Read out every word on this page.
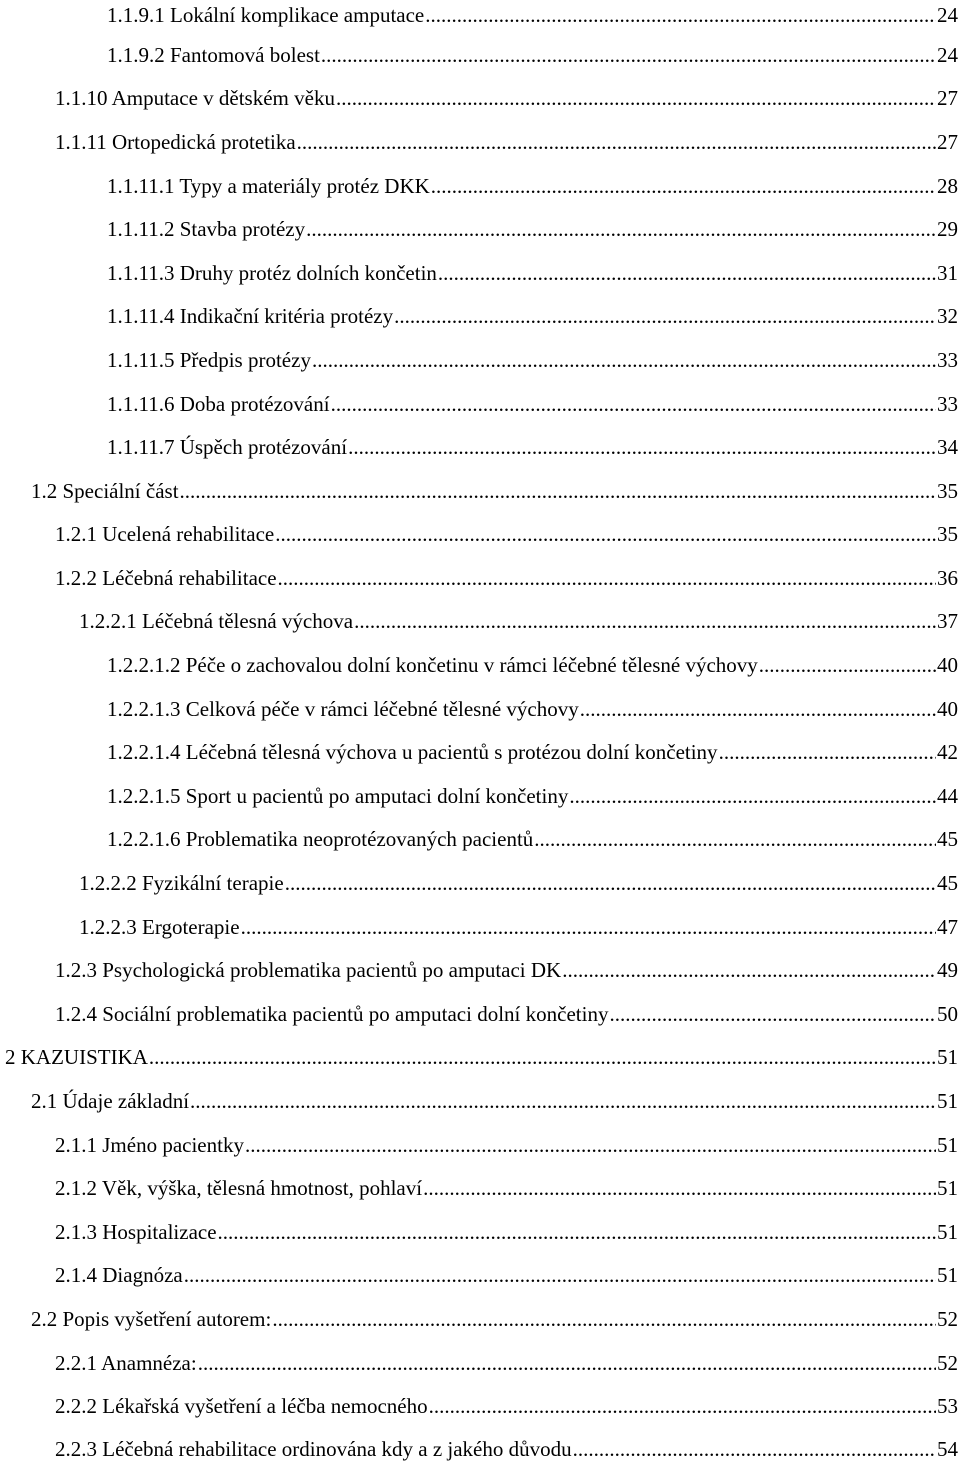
1.1.9.1 Lokální komplikace amputace .....	24
1.1.9.2 Fantomová bolest .....	24
1.1.10 Amputace v dětském věku .....	27
1.1.11 Ortopedická protetika .....	27
1.1.11.1 Typy a materiály protéz DKK .....	28
1.1.11.2 Stavba protézy .....	29
1.1.11.3 Druhy protéz dolních končetin .....	31
1.1.11.4 Indikační kritéria protézy .....	32
1.1.11.5 Předpis protézy .....	33
1.1.11.6 Doba protézování .....	33
1.1.11.7 Úspěch protézování .....	34
1.2 Speciální část .....	35
1.2.1 Ucelená rehabilitace .....	35
1.2.2 Léčebná rehabilitace .....	36
1.2.2.1 Léčebná tělesná výchova .....	37
1.2.2.1.2 Péče o zachovalou dolní končetinu v rámci léčebné tělesné výchovy .....	40
1.2.2.1.3 Celková péče v rámci léčebné tělesné výchovy .....	40
1.2.2.1.4 Léčebná tělesná výchova u pacientů s protézou dolní končetiny .....	42
1.2.2.1.5 Sport u pacientů po amputaci dolní končetiny .....	44
1.2.2.1.6 Problematika neoprotézovaných pacientů .....	45
1.2.2.2 Fyzikální terapie .....	45
1.2.2.3 Ergoterapie .....	47
1.2.3 Psychologická problematika pacientů po amputaci DK .....	49
1.2.4 Sociální problematika pacientů po amputaci dolní končetiny .....	50
2 KAZUISTIKA .....	51
2.1 Údaje základní .....	51
2.1.1 Jméno pacientky .....	51
2.1.2 Věk, výška, tělesná hmotnost, pohlaví .....	51
2.1.3 Hospitalizace .....	51
2.1.4 Diagnóza .....	51
2.2 Popis vyšetření autorem: .....	52
2.2.1 Anamnéza: .....	52
2.2.2 Lékařská vyšetření a léčba nemocného .....	53
2.2.3 Léčebná rehabilitace ordinována kdy a z jakého důvodu .....	54
